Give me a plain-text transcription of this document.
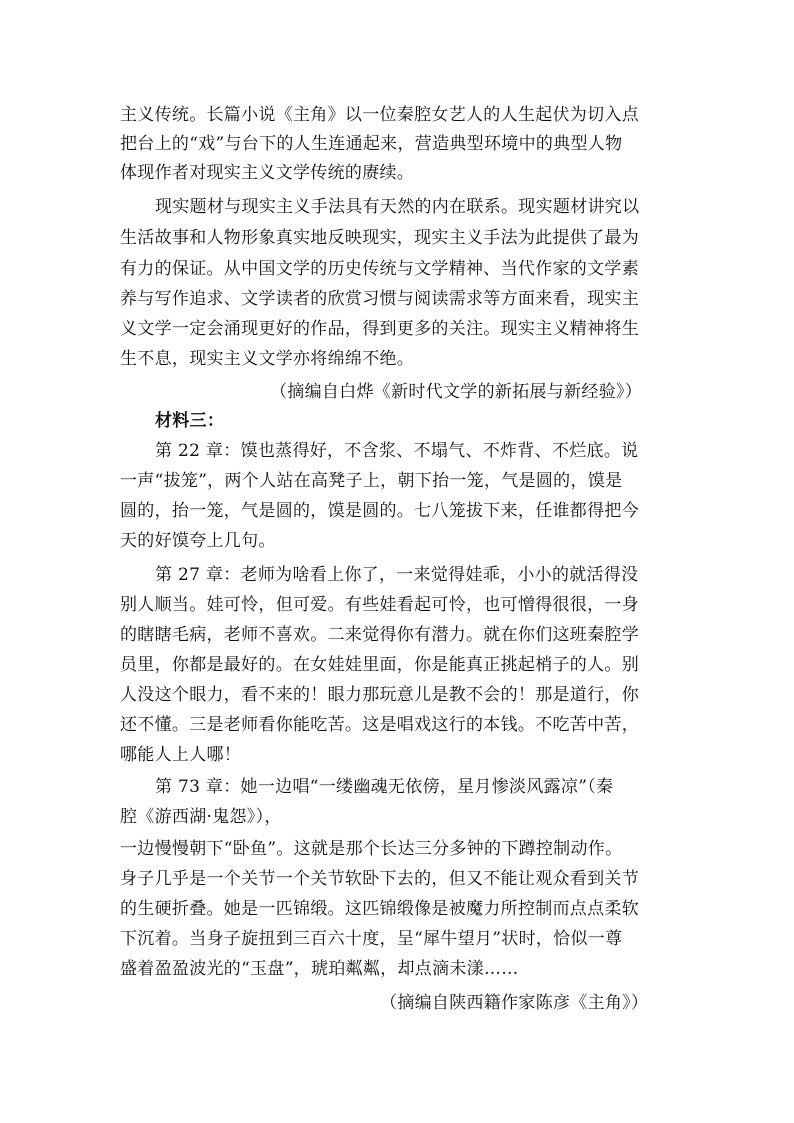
主义传统。长篇小说《主角》以一位秦腔女艺人的人生起伏为切入点
把台上的“戏”与台下的人生连通起来，营造典型环境中的典型人物
体现作者对现实主义文学传统的赓续。
现实题材与现实主义手法具有天然的内在联系。现实题材讲究以
生活故事和人物形象真实地反映现实，现实主义手法为此提供了最为
有力的保证。从中国文学的历史传统与文学精神、当代作家的文学素
养与写作追求、文学读者的欣赏习惯与阅读需求等方面来看，现实主
义文学一定会涌现更好的作品，得到更多的关注。现实主义精神将生
生不息，现实主义文学亦将绵绵不绝。
（摘编自白烨《新时代文学的新拓展与新经验》）
材料三：
第 22 章：馍也蒸得好，不含浆、不塌气、不炸背、不烂底。说
一声“拔笼”，两个人站在高凳子上，朝下抬一笼，气是圆的，馍是
圆的，抬一笼，气是圆的，馍是圆的。七八笼拔下来，任谁都得把今
天的好馍夸上几句。
第 27 章：老师为啥看上你了，一来觉得娃乖，小小的就活得没
别人顺当。娃可怜，但可爱。有些娃看起可怜，也可憎得很很，一身
的瞎瞎毛病，老师不喜欢。二来觉得你有潜力。就在你们这班秦腔学
员里，你都是最好的。在女娃娃里面，你是能真正挑起梢子的人。别
人没这个眼力，看不来的！眼力那玩意儿是教不会的！那是道行，你
还不懂。三是老师看你能吃苦。这是唱戏这行的本钱。不吃苦中苦，
哪能人上人哪！
第 73 章：她一边唱“一缕幽魂无依傍，星月惨淡风露凉”（秦
腔《游西湖·鬼怨》），
一边慢慢朝下“卧鱼”。这就是那个长达三分多钟的下蹲控制动作。
身子几乎是一个关节一个关节软卧下去的，但又不能让观众看到关节
的生硬折叠。她是一匹锦缎。这匹锦缎像是被魔力所控制而点点柔软
下沉着。当身子旋扭到三百六十度，呈“犀牛望月”状时，恰似一尊
盛着盈盈波光的“玉盘”，琥珀粼粼，却点滴未漾……
（摘编自陕西籍作家陈彦《主角》）
